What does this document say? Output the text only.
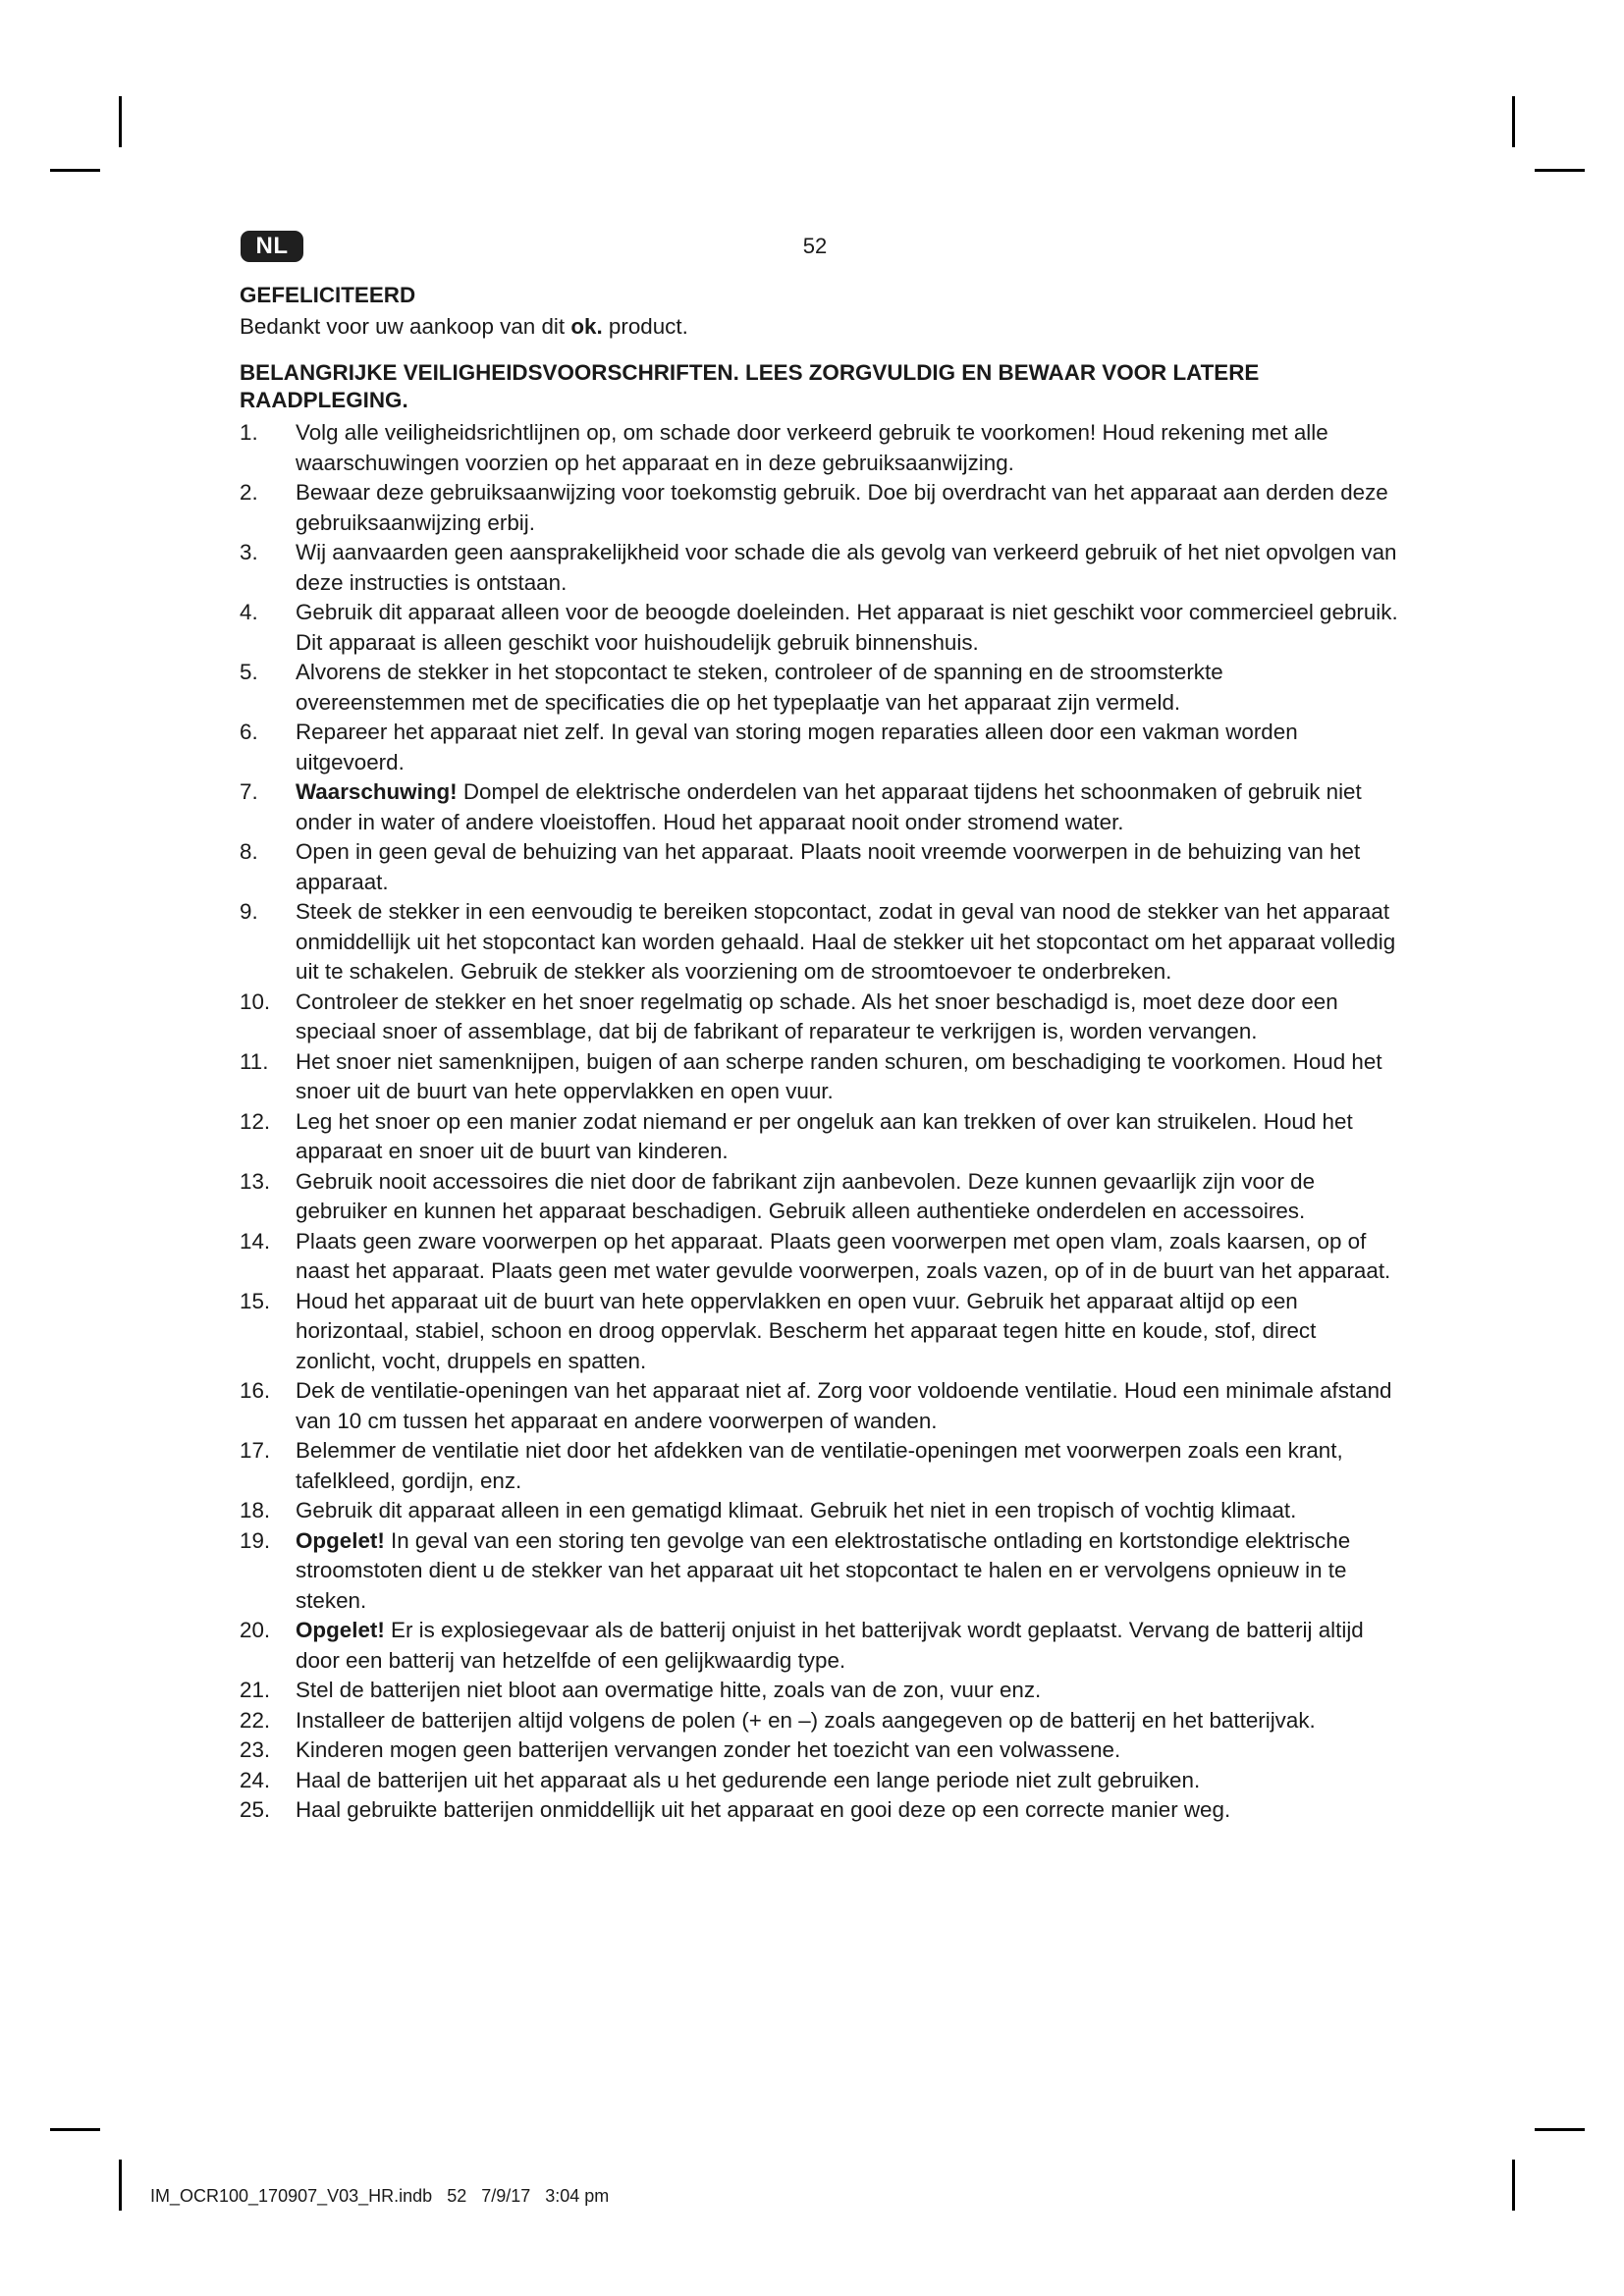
NL	52
GEFELICITEERD

Bedankt voor uw aankoop van dit ok. product.

BELANGRIJKE VEILIGHEIDSVOORSCHRIFTEN. LEES ZORGVULDIG EN BEWAAR VOOR LATERE RAADPLEGING.
1. Volg alle veiligheidsrichtlijnen op, om schade door verkeerd gebruik te voorkomen! Houd rekening met alle waarschuwingen voorzien op het apparaat en in deze gebruiksaanwijzing.
2. Bewaar deze gebruiksaanwijzing voor toekomstig gebruik. Doe bij overdracht van het apparaat aan derden deze gebruiksaanwijzing erbij.
3. Wij aanvaarden geen aansprakelijkheid voor schade die als gevolg van verkeerd gebruik of het niet opvolgen van deze instructies is ontstaan.
4. Gebruik dit apparaat alleen voor de beoogde doeleinden. Het apparaat is niet geschikt voor commercieel gebruik. Dit apparaat is alleen geschikt voor huishoudelijk gebruik binnenshuis.
5. Alvorens de stekker in het stopcontact te steken, controleer of de spanning en de stroomsterkte overeenstemmen met de specificaties die op het typeplaatje van het apparaat zijn vermeld.
6. Repareer het apparaat niet zelf. In geval van storing mogen reparaties alleen door een vakman worden uitgevoerd.
7. Waarschuwing! Dompel de elektrische onderdelen van het apparaat tijdens het schoonmaken of gebruik niet onder in water of andere vloeistoffen. Houd het apparaat nooit onder stromend water.
8. Open in geen geval de behuizing van het apparaat. Plaats nooit vreemde voorwerpen in de behuizing van het apparaat.
9. Steek de stekker in een eenvoudig te bereiken stopcontact, zodat in geval van nood de stekker van het apparaat onmiddellijk uit het stopcontact kan worden gehaald. Haal de stekker uit het stopcontact om het apparaat volledig uit te schakelen. Gebruik de stekker als voorziening om de stroomtoevoer te onderbreken.
10. Controleer de stekker en het snoer regelmatig op schade. Als het snoer beschadigd is, moet deze door een speciaal snoer of assemblage, dat bij de fabrikant of reparateur te verkrijgen is, worden vervangen.
11. Het snoer niet samenknijpen, buigen of aan scherpe randen schuren, om beschadiging te voorkomen. Houd het snoer uit de buurt van hete oppervlakken en open vuur.
12. Leg het snoer op een manier zodat niemand er per ongeluk aan kan trekken of over kan struikelen. Houd het apparaat en snoer uit de buurt van kinderen.
13. Gebruik nooit accessoires die niet door de fabrikant zijn aanbevolen. Deze kunnen gevaarlijk zijn voor de gebruiker en kunnen het apparaat beschadigen. Gebruik alleen authentieke onderdelen en accessoires.
14. Plaats geen zware voorwerpen op het apparaat. Plaats geen voorwerpen met open vlam, zoals kaarsen, op of naast het apparaat. Plaats geen met water gevulde voorwerpen, zoals vazen, op of in de buurt van het apparaat.
15. Houd het apparaat uit de buurt van hete oppervlakken en open vuur. Gebruik het apparaat altijd op een horizontaal, stabiel, schoon en droog oppervlak. Bescherm het apparaat tegen hitte en koude, stof, direct zonlicht, vocht, druppels en spatten.
16. Dek de ventilatie-openingen van het apparaat niet af. Zorg voor voldoende ventilatie. Houd een minimale afstand van 10 cm tussen het apparaat en andere voorwerpen of wanden.
17. Belemmer de ventilatie niet door het afdekken van de ventilatie-openingen met voorwerpen zoals een krant, tafelkleed, gordijn, enz.
18. Gebruik dit apparaat alleen in een gematigd klimaat. Gebruik het niet in een tropisch of vochtig klimaat.
19. Opgelet! In geval van een storing ten gevolge van een elektrostatische ontlading en kortstondige elektrische stroomstoten dient u de stekker van het apparaat uit het stopcontact te halen en er vervolgens opnieuw in te steken.
20. Opgelet! Er is explosiegevaar als de batterij onjuist in het batterijvak wordt geplaatst. Vervang de batterij altijd door een batterij van hetzelfde of een gelijkwaardig type.
21. Stel de batterijen niet bloot aan overmatige hitte, zoals van de zon, vuur enz.
22. Installeer de batterijen altijd volgens de polen (+ en –) zoals aangegeven op de batterij en het batterijvak.
23. Kinderen mogen geen batterijen vervangen zonder het toezicht van een volwassene.
24. Haal de batterijen uit het apparaat als u het gedurende een lange periode niet zult gebruiken.
25. Haal gebruikte batterijen onmiddellijk uit het apparaat en gooi deze op een correcte manier weg.
IM_OCR100_170907_V03_HR.indb   52   7/9/17   3:04 pm
